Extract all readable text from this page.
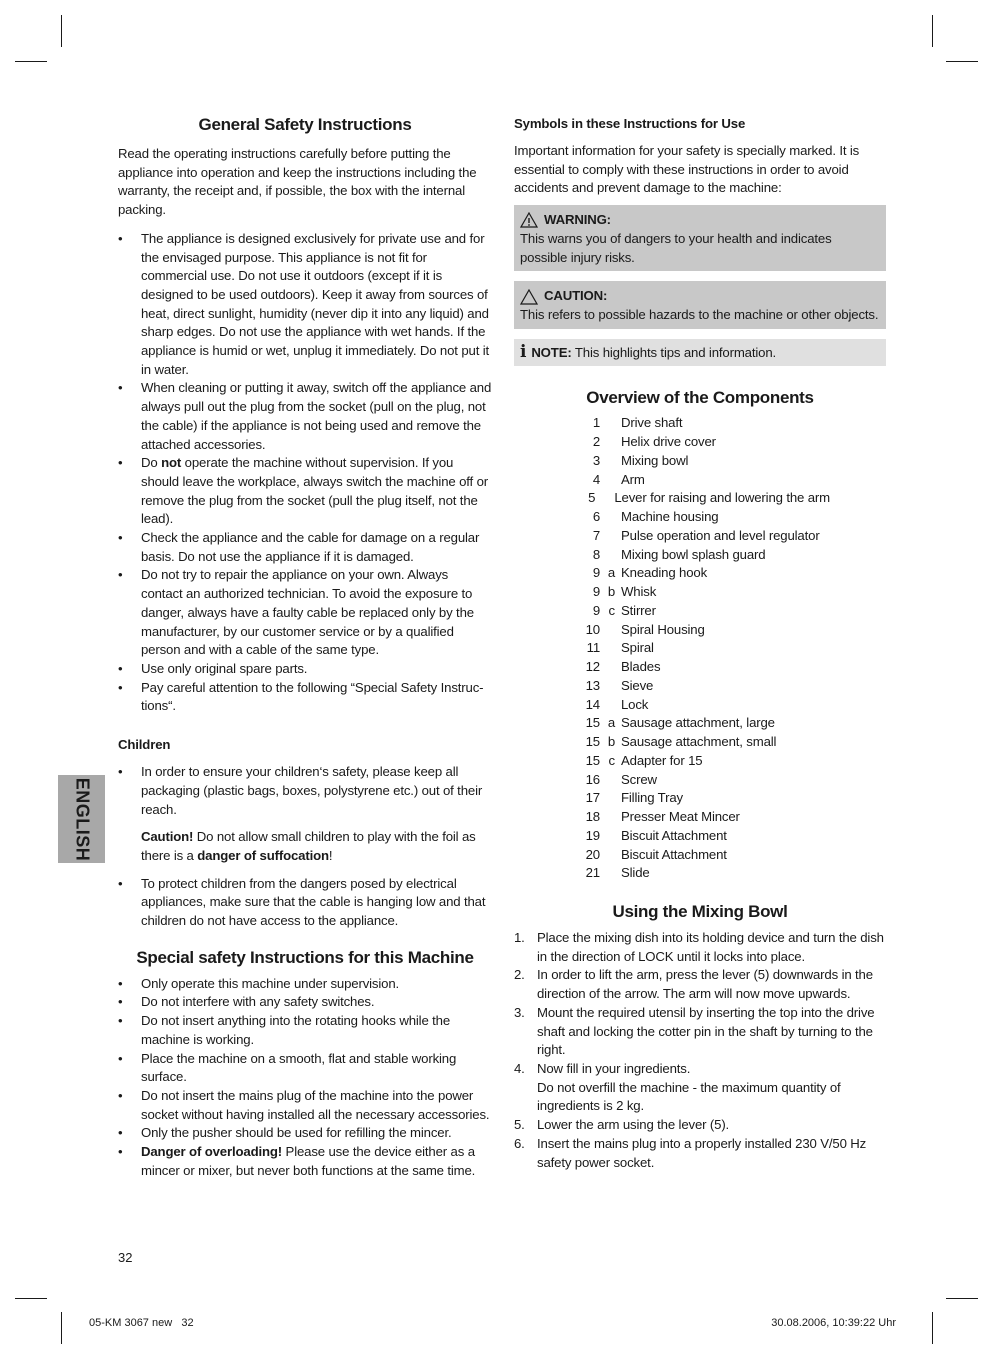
General Safety Instructions

Read the operating instructions carefully before putting the appliance into operation and keep the instructions including the warranty, the receipt and, if possible, the box with the internal packing.

• The appliance is designed exclusively for private use and for the envisaged purpose. This appliance is not fit for commercial use. Do not use it outdoors (except if it is designed to be used outdoors). Keep it away from sources of heat, direct sunlight, humidity (never dip it into any liquid) and sharp edges. Do not use the appliance with wet hands. If the appliance is humid or wet, unplug it immediately. Do not put it in water.
• When cleaning or putting it away, switch off the appliance and always pull out the plug from the socket (pull on the plug, not the cable) if the appliance is not being used and remove the attached accessories.
• Do not operate the machine without supervision. If you should leave the workplace, always switch the machine off or remove the plug from the socket (pull the plug itself, not the lead).
• Check the appliance and the cable for damage on a regular basis. Do not use the appliance if it is damaged.
• Do not try to repair the appliance on your own. Always contact an authorized technician. To avoid the exposure to danger, always have a faulty cable be replaced only by the manufacturer, by our customer service or by a qualified person and with a cable of the same type.
• Use only original spare parts.
• Pay careful attention to the following “Special Safety Instruc-tions“.
Children
• In order to ensure your children‘s safety, please keep all packaging (plastic bags, boxes, polystyrene etc.) out of their reach.

Caution! Do not allow small children to play with the foil as there is a danger of suffocation!

• To protect children from the dangers posed by electrical appliances, make sure that the cable is hanging low and that children do not have access to the appliance.
Special safety Instructions for this Machine
• Only operate this machine under supervision.
• Do not interfere with any safety switches.
• Do not insert anything into the rotating hooks while the machine is working.
• Place the machine on a smooth, flat and stable working surface.
• Do not insert the mains plug of the machine into the power socket without having installed all the necessary accessories.
• Only the pusher should be used for refilling the mincer.
• Danger of overloading! Please use the device either as a mincer or mixer, but never both functions at the same time.
Symbols in these Instructions for Use

Important information for your safety is specially marked. It is essential to comply with these instructions in order to avoid accidents and prevent damage to the machine:

WARNING:

This warns you of dangers to your health and indicates possible injury risks.

CAUTION:

This refers to possible hazards to the machine or other objects.

i NOTE: This highlights tips and information.
Overview of the Components
1	Drive shaft
2	Helix drive cover
3	Mixing bowl
4	Arm
5	Lever for raising and lowering the arm
6	Machine housing
7	Pulse operation and level regulator
8	Mixing bowl splash guard
9 a Kneading hook
9 b Whisk
9 c Stirrer
10	Spiral Housing
11	Spiral
12	Blades
13	Sieve
14	Lock
15 a Sausage attachment, large
15 b Sausage attachment, small
15 c Adapter for 15
16	Screw
17	Filling Tray
18	Presser Meat Mincer
19	Biscuit Attachment
20	Biscuit Attachment
21	Slide
Using the Mixing Bowl
1. Place the mixing dish into its holding device and turn the dish in the direction of LOCK until it locks into place.
2. In order to lift the arm, press the lever (5) downwards in the direction of the arrow. The arm will now move upwards.
3. Mount the required utensil by inserting the top into the drive shaft and locking the cotter pin in the shaft by turning to the right.
4. Now fill in your ingredients.
Do not overfill the machine - the maximum quantity of ingredients is 2 kg.
5. Lower the arm using the lever (5).
6. Insert the mains plug into a properly installed 230 V/50 Hz safety power socket.
ENGLISH
32
05-KM 3067 new   32	30.08.2006, 10:39:22 Uhr
